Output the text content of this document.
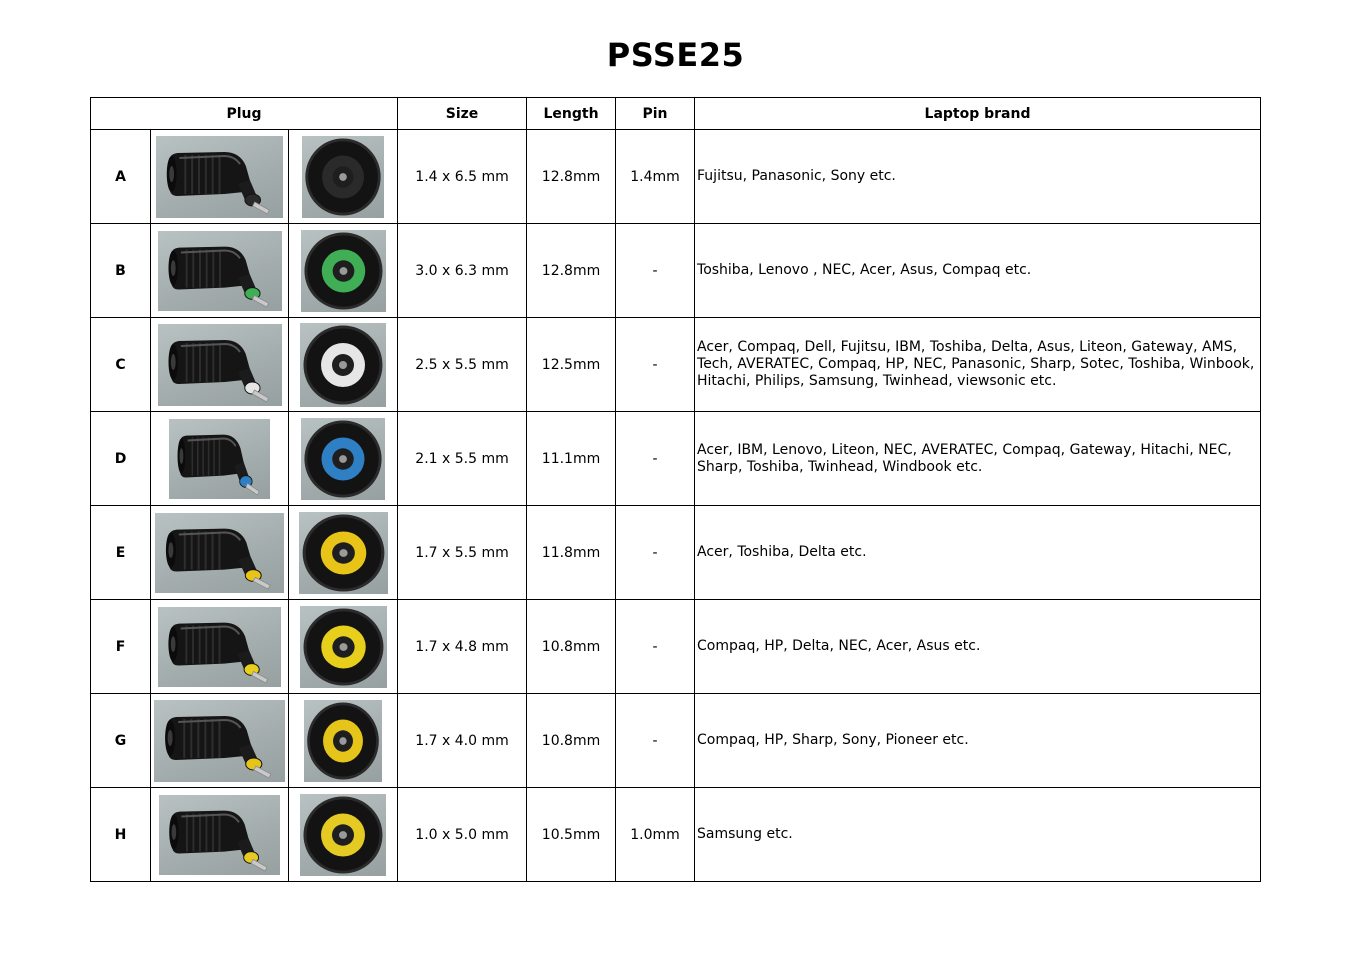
PSSE25
Plug			Size	Length	Pin	Laptop brand
A			1.4 x 6.5 mm	12.8mm	1.4mm	Fujitsu, Panasonic, Sony etc.
B			3.0 x 6.3 mm	12.8mm	-	Toshiba, Lenovo , NEC, Acer, Asus, Compaq etc.
C			2.5 x 5.5 mm	12.5mm	-	Acer, Compaq, Dell, Fujitsu, IBM, Toshiba, Delta, Asus, Liteon, Gateway, AMS, Tech, AVERATEC, Compaq, HP, NEC, Panasonic, Sharp, Sotec, Toshiba, Winbook, Hitachi, Philips, Samsung, Twinhead, viewsonic etc.
D			2.1 x 5.5 mm	11.1mm	-	Acer, IBM, Lenovo, Liteon, NEC, AVERATEC, Compaq, Gateway, Hitachi, NEC, Sharp, Toshiba, Twinhead, Windbook etc.
E			1.7 x 5.5 mm	11.8mm	-	Acer, Toshiba, Delta etc.
F			1.7 x 4.8 mm	10.8mm	-	Compaq, HP, Delta, NEC, Acer, Asus etc.
G			1.7 x 4.0 mm	10.8mm	-	Compaq, HP, Sharp, Sony, Pioneer etc.
H			1.0 x 5.0 mm	10.5mm	1.0mm	Samsung etc.
